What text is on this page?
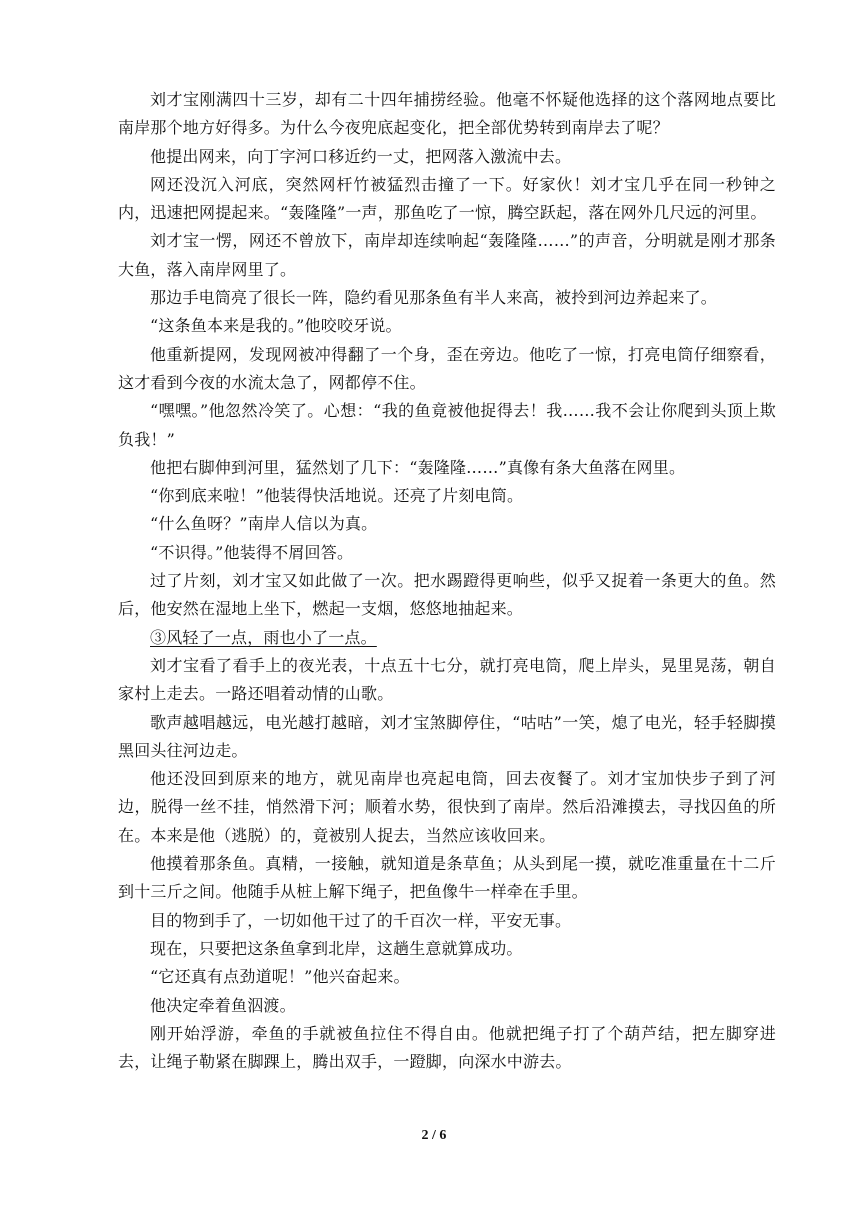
刘才宝刚满四十三岁，却有二十四年捕捞经验。他毫不怀疑他选择的这个落网地点要比南岸那个地方好得多。为什么今夜兜底起变化，把全部优势转到南岸去了呢？

他提出网来，向丁字河口移近约一丈，把网落入激流中去。

网还没沉入河底，突然网杆竹被猛烈击撞了一下。好家伙！刘才宝几乎在同一秒钟之内，迅速把网提起来。“轰隆隆”一声，那鱼吃了一惊，腾空跃起，落在网外几尺远的河里。

刘才宝一愣，网还不曾放下，南岸却连续响起“轰隆隆……”的声音，分明就是刚才那条大鱼，落入南岸网里了。

那边手电筒亮了很长一阵，隐约看见那条鱼有半人来高，被拎到河边养起来了。

“这条鱼本来是我的。”他咬咬牙说。

他重新提网，发现网被冲得翻了一个身，歪在旁边。他吃了一惊，打亮电筒仔细察看，这才看到今夜的水流太急了，网都停不住。

“嘿嘿。”他忽然冷笑了。心想：“我的鱼竟被他捉得去！我……我不会让你爬到头顶上欺负我！”

他把右脚伸到河里，猛然划了几下：“轰隆隆……”真像有条大鱼落在网里。

“你到底来啦！”他装得快活地说。还亮了片刻电筒。

“什么鱼呀？”南岸人信以为真。

“不识得。”他装得不屑回答。

过了片刻，刘才宝又如此做了一次。把水踢蹬得更响些，似乎又捉着一条更大的鱼。然后，他安然在湿地上坐下，燃起一支烟，悠悠地抽起来。

③风轻了一点，雨也小了一点。

刘才宝看了看手上的夜光表，十点五十七分，就打亮电筒，爬上岸头，晃里晃荡，朝自家村上走去。一路还唱着动情的山歌。

歌声越唱越远，电光越打越暗，刘才宝煞脚停住，“咕咕”一笑，熄了电光，轻手轻脚摸黑回头往河边走。

他还没回到原来的地方，就见南岸也亮起电筒，回去夜餐了。刘才宝加快步子到了河边，脱得一丝不挂，悄然滑下河；顺着水势，很快到了南岸。然后沿滩摸去，寻找囚鱼的所在。本来是他（逃脱）的，竟被别人捉去，当然应该收回来。

他摸着那条鱼。真精，一接触，就知道是条草鱼；从头到尾一摸，就吃准重量在十二斤到十三斤之间。他随手从桩上解下绳子，把鱼像牛一样牵在手里。

目的物到手了，一切如他干过了的千百次一样，平安无事。

现在，只要把这条鱼拿到北岸，这趟生意就算成功。

“它还真有点劲道呢！”他兴奋起来。

他决定牵着鱼泅渡。

刚开始浮游，牵鱼的手就被鱼拉住不得自由。他就把绳子打了个葫芦结，把左脚穿进去，让绳子勒紧在脚踝上，腾出双手，一蹬脚，向深水中游去。

2 / 6
